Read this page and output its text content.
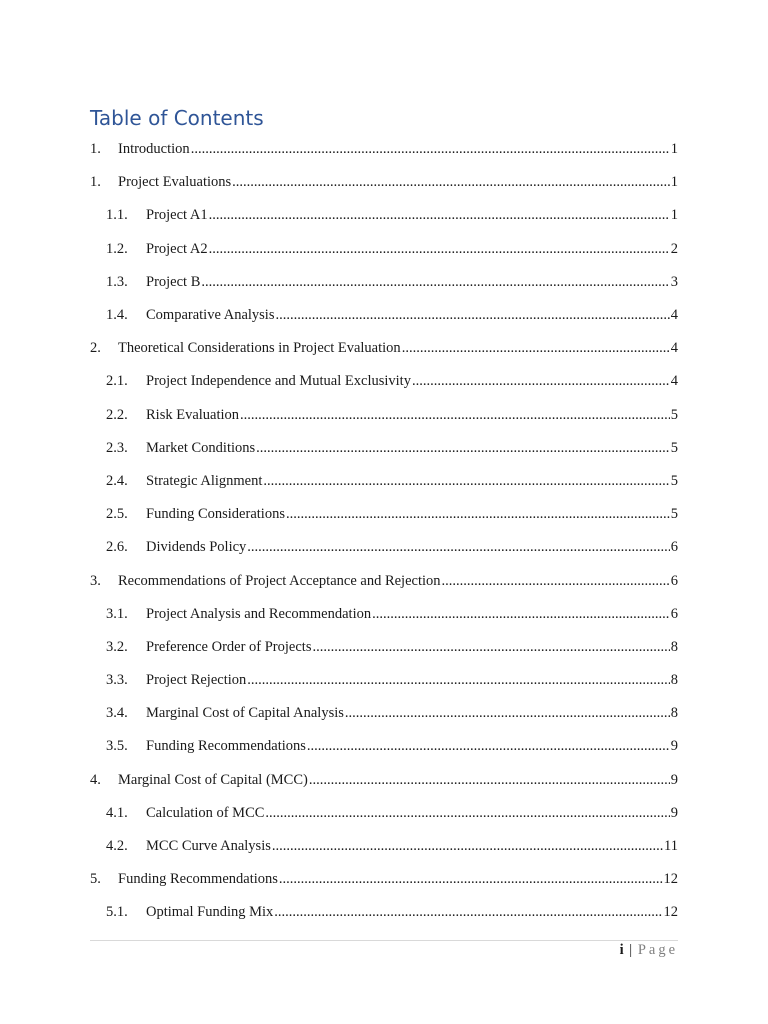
Table of Contents
1.	Introduction .....	1
1.	Project Evaluations .....	1
1.1.	Project A1 .....	1
1.2.	Project A2 .....	2
1.3.	Project B .....	3
1.4.	Comparative Analysis .....	4
2.	Theoretical Considerations in Project Evaluation .....	4
2.1.	Project Independence and Mutual Exclusivity .....	4
2.2.	Risk Evaluation .....	5
2.3.	Market Conditions .....	5
2.4.	Strategic Alignment .....	5
2.5.	Funding Considerations .....	5
2.6.	Dividends Policy .....	6
3.	Recommendations of Project Acceptance and Rejection .....	6
3.1.	Project Analysis and Recommendation .....	6
3.2.	Preference Order of Projects .....	8
3.3.	Project Rejection .....	8
3.4.	Marginal Cost of Capital Analysis .....	8
3.5.	Funding Recommendations .....	9
4.	Marginal Cost of Capital (MCC) .....	9
4.1.	Calculation of MCC .....	9
4.2.	MCC Curve Analysis .....	11
5.	Funding Recommendations .....	12
5.1.	Optimal Funding Mix .....	12
i | Page
